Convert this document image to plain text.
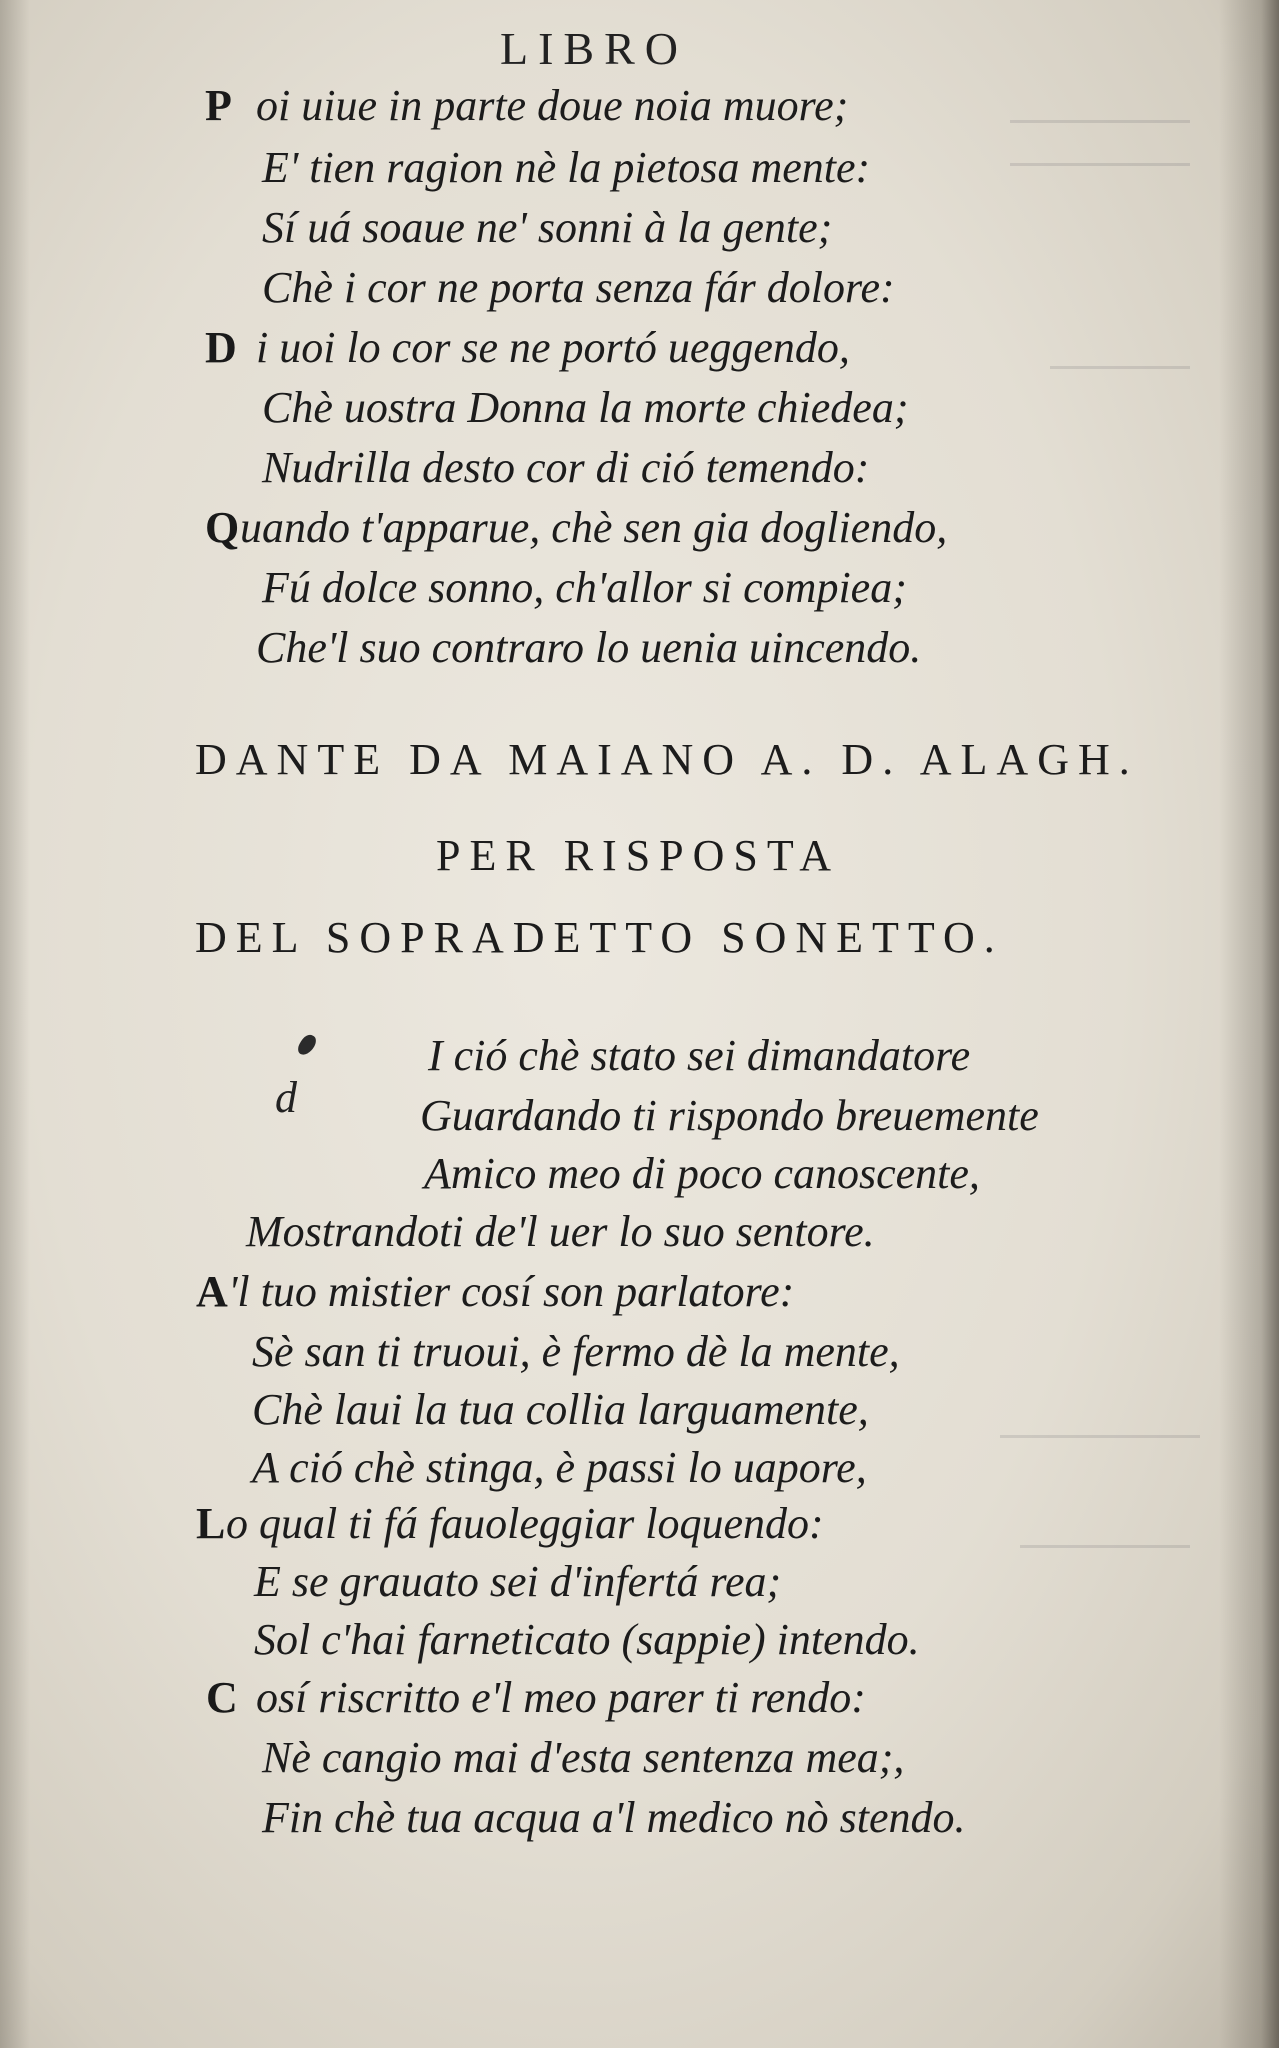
LIBRO
P oi uiue in parte doue noia muore;
E' tien ragion nè la pietosa mente:
Sí uá soaue ne' sonni à la gente;
Chè i cor ne porta senza fár dolore:
D i uoi lo cor se ne portó ueggendo,
Chè uostra Donna la morte chiedea;
Nudrilla desto cor di ció temendo:
Q uando t'apparue, chè sen gia dogliendo,
Fú dolce sonno, ch'allor si compiea;
Che'l suo contraro lo uenia uincendo.
DANTE DA MAIANO A. D. ALAGH.
PER RISPOSTA
DEL SOPRADETTO SONETTO.
d
I ció chè stato sei dimandatore
Guardando ti rispondo breuemente
Amico meo di poco canoscente,
Mostrandoti de'l uer lo suo sentore.
A 'l tuo mistier cosí son parlatore:
Sè san ti truoui, è fermo dè la mente,
Chè laui la tua collia larguamente,
A ció chè stinga, è passi lo uapore,
L o qual ti fá fauoleggiar loquendo:
E se grauato sei d'infertá rea;
Sol c'hai farneticato (sappie) intendo.
C osí riscritto e'l meo parer ti rendo:
Nè cangio mai d'esta sentenza mea;,
Fin chè tua acqua a'l medico nò stendo.
